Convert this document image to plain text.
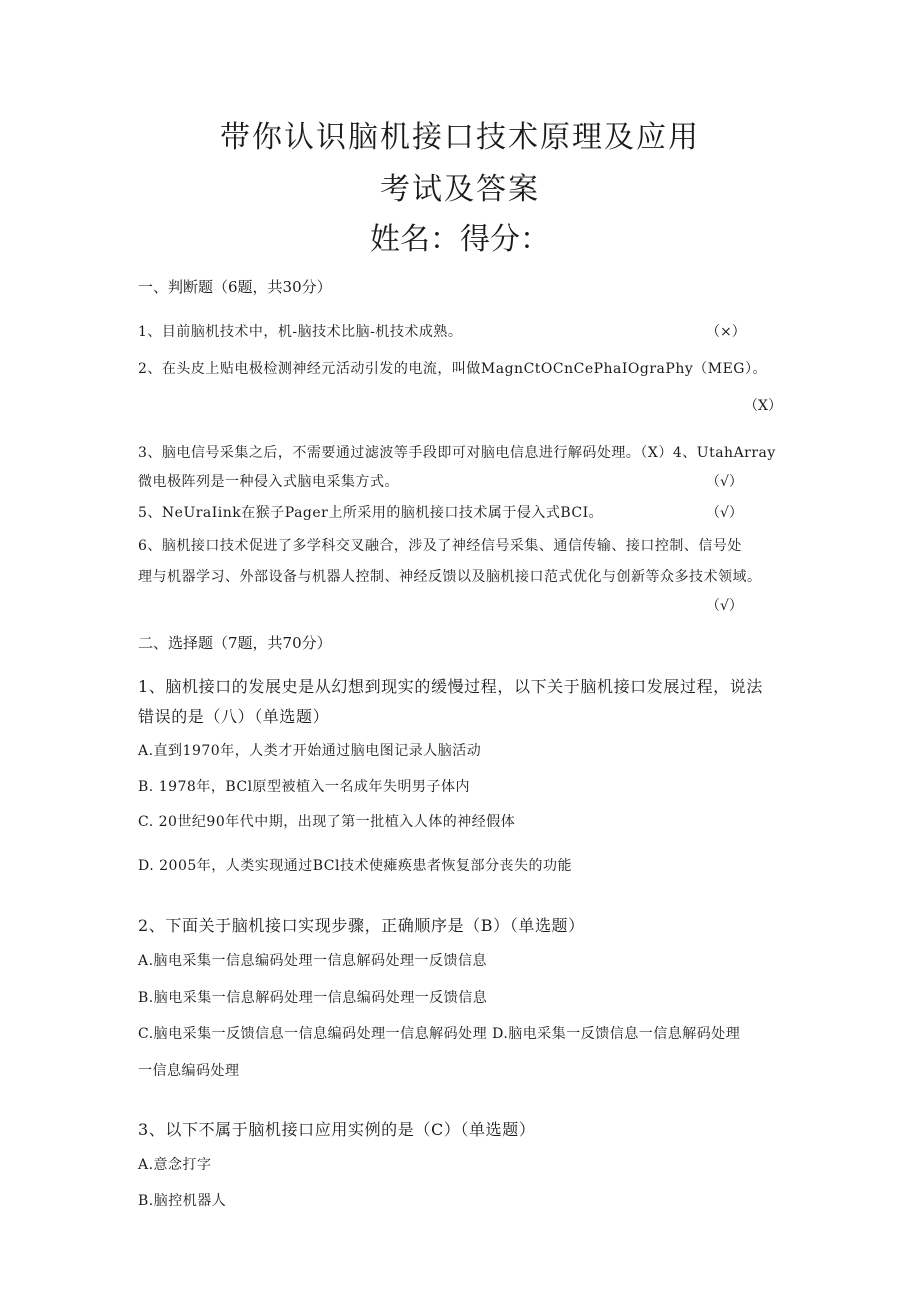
带你认识脑机接口技术原理及应用
考试及答案
姓名：得分：
一、判断题（6题，共30分）
1、目前脑机技术中，机-脑技术比脑-机技术成熟。	（×）
2、在头皮上贴电极检测神经元活动引发的电流，叫做MagnCtOCnCePhaIOgraPhy（MEG）。
（X）
3、脑电信号采集之后，不需要通过滤波等手段即可对脑电信息进行解码处理。（X）4、UtahArray
微电极阵列是一种侵入式脑电采集方式。	（√）
5、NeUraIink在猴子Pager上所采用的脑机接口技术属于侵入式BCI。	（√）
6、脑机接口技术促进了多学科交叉融合，涉及了神经信号采集、通信传输、接口控制、信号处
理与机器学习、外部设备与机器人控制、神经反馈以及脑机接口范式优化与创新等众多技术领域。
（√）
二、选择题（7题，共70分）
1、脑机接口的发展史是从幻想到现实的缓慢过程，以下关于脑机接口发展过程，说法
错误的是（八）（单选题）
A.直到1970年，人类才开始通过脑电图记录人脑活动
B. 1978年，BCl原型被植入一名成年失明男子体内
C. 20世纪90年代中期，出现了第一批植入人体的神经假体
D. 2005年，人类实现通过BCl技术使瘫痪患者恢复部分丧失的功能
2、下面关于脑机接口实现步骤，正确顺序是（B）（单选题）
A.脑电采集一信息编码处理一信息解码处理一反馈信息
B.脑电采集一信息解码处理一信息编码处理一反馈信息
C.脑电采集一反馈信息一信息编码处理一信息解码处理 D.脑电采集一反馈信息一信息解码处理
一信息编码处理
3、以下不属于脑机接口应用实例的是（C）（单选题）
A.意念打字
B.脑控机器人
